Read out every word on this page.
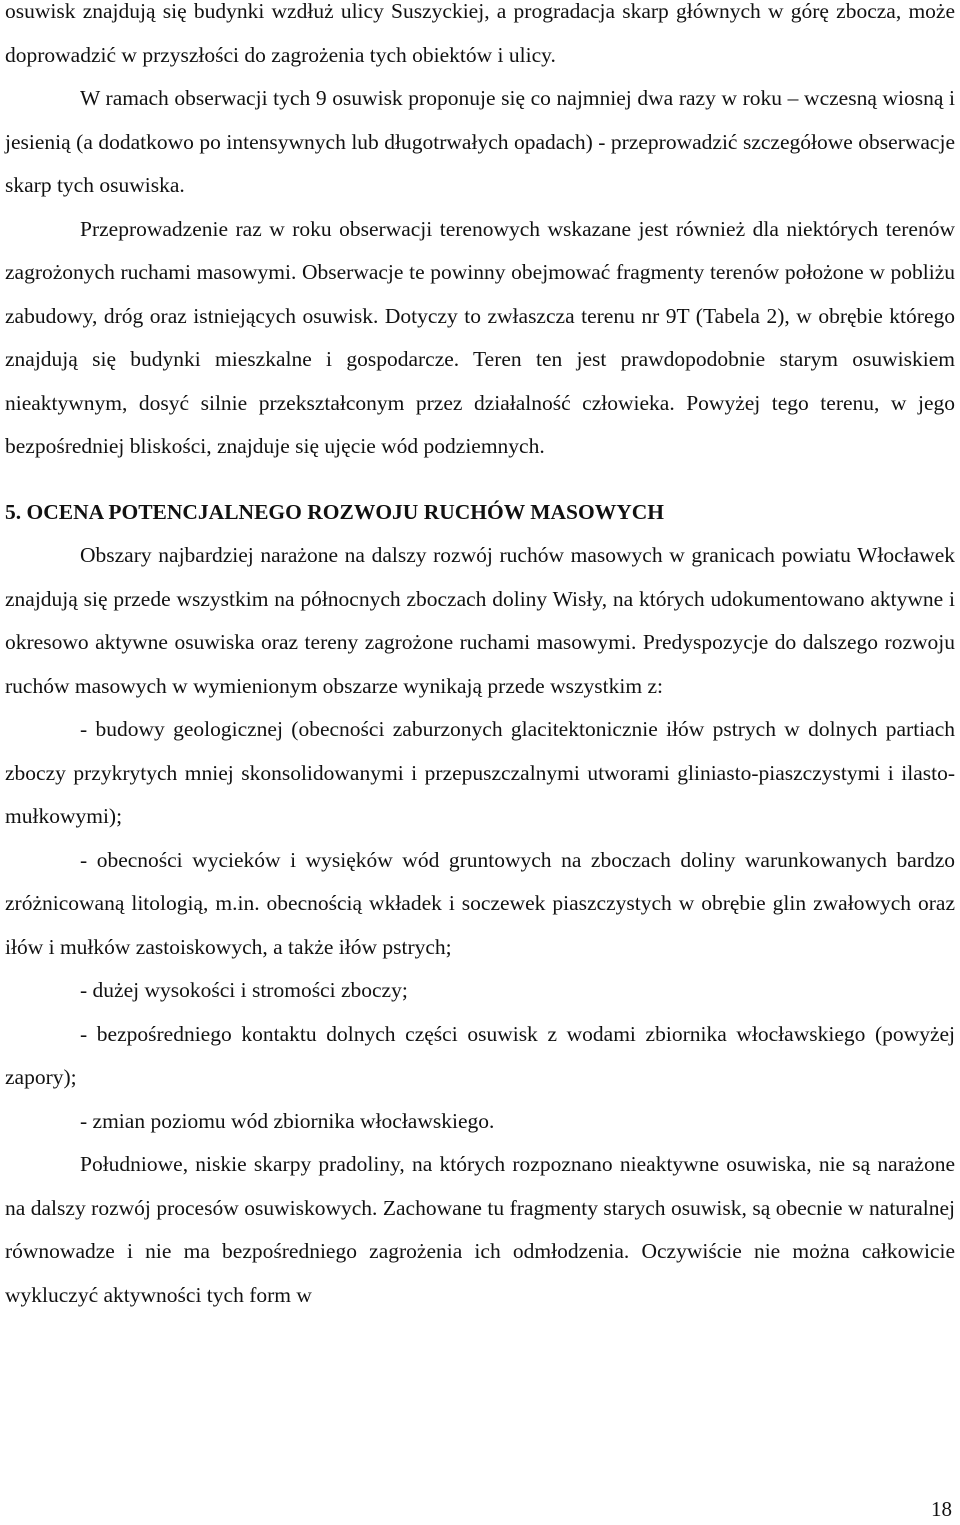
osuwisk znajdują się budynki wzdłuż ulicy Suszyckiej, a progradacja skarp głównych w górę zbocza, może doprowadzić w przyszłości do zagrożenia tych obiektów i ulicy.

W ramach obserwacji tych 9 osuwisk proponuje się co najmniej dwa razy w roku – wczesną wiosną i jesienią (a dodatkowo po intensywnych lub długotrwałych opadach) - przeprowadzić szczegółowe obserwacje skarp tych osuwiska.

Przeprowadzenie raz w roku obserwacji terenowych wskazane jest również dla niektórych terenów zagrożonych ruchami masowymi. Obserwacje te powinny obejmować fragmenty terenów położone w pobliżu zabudowy, dróg oraz istniejących osuwisk. Dotyczy to zwłaszcza terenu nr 9T (Tabela 2), w obrębie którego znajdują się budynki mieszkalne i gospodarcze. Teren ten jest prawdopodobnie starym osuwiskiem nieaktywnym, dosyć silnie przekształconym przez działalność człowieka. Powyżej tego terenu, w jego bezpośredniej bliskości, znajduje się ujęcie wód podziemnych.

5. OCENA POTENCJALNEGO ROZWOJU RUCHÓW MASOWYCH

Obszary najbardziej narażone na dalszy rozwój ruchów masowych w granicach powiatu Włocławek znajdują się przede wszystkim na północnych zboczach doliny Wisły, na których udokumentowano aktywne i okresowo aktywne osuwiska oraz tereny zagrożone ruchami masowymi. Predyspozycje do dalszego rozwoju ruchów masowych w wymienionym obszarze wynikają przede wszystkim z:

- budowy geologicznej (obecności zaburzonych glacitektonicznie iłów pstrych w dolnych partiach zboczy przykrytych mniej skonsolidowanymi i przepuszczalnymi utworami gliniasto-piaszczystymi i ilasto-mułkowymi);

- obecności wycieków i wysięków wód gruntowych na zboczach doliny warunkowanych bardzo zróżnicowaną litologią, m.in. obecnością wkładek i soczewek piaszczystych w obrębie glin zwałowych oraz iłów i mułków zastoiskowych, a także iłów pstrych;

- dużej wysokości i stromości zboczy;

- bezpośredniego kontaktu dolnych części osuwisk z wodami zbiornika włocławskiego (powyżej zapory);

- zmian poziomu wód zbiornika włocławskiego.

Południowe, niskie skarpy pradoliny, na których rozpoznano nieaktywne osuwiska, nie są narażone na dalszy rozwój procesów osuwiskowych. Zachowane tu fragmenty starych osuwisk, są obecnie w naturalnej równowadze i nie ma bezpośredniego zagrożenia ich odmłodzenia. Oczywiście nie można całkowicie wykluczyć aktywności tych form w

18
